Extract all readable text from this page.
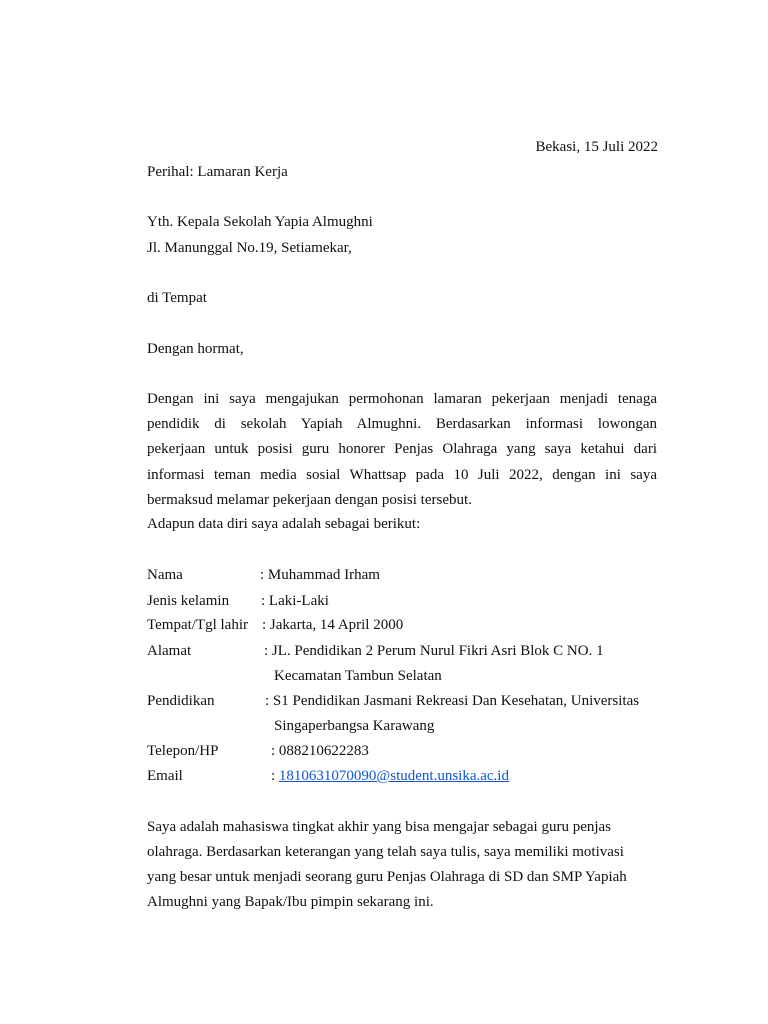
Bekasi, 15 Juli 2022
Perihal: Lamaran Kerja
Yth. Kepala Sekolah Yapia Almughni
Jl. Manunggal No.19, Setiamekar,
di Tempat
Dengan hormat,
Dengan ini saya mengajukan permohonan lamaran pekerjaan menjadi tenaga
pendidik di sekolah Yapiah Almughni. Berdasarkan informasi lowongan
pekerjaan untuk posisi guru honorer Penjas Olahraga yang saya ketahui dari
informasi teman media sosial Whattsap pada 10 Juli 2022, dengan ini saya
bermaksud melamar pekerjaan dengan posisi tersebut.
Adapun data diri saya adalah sebagai berikut:
Nama	: Muhammad Irham
Jenis kelamin : Laki-Laki
Tempat/Tgl lahir : Jakarta, 14 April 2000
Alamat	: JL. Pendidikan 2 Perum Nurul Fikri Asri Blok C NO. 1
Kecamatan Tambun Selatan
Pendidikan	: S1 Pendidikan Jasmani Rekreasi Dan Kesehatan, Universitas
Singaperbangsa Karawang
Telepon/HP	: 088210622283
Email	: 1810631070090@student.unsika.ac.id
Saya adalah mahasiswa tingkat akhir yang bisa mengajar sebagai guru penjas
olahraga. Berdasarkan keterangan yang telah saya tulis, saya memiliki motivasi
yang besar untuk menjadi seorang guru Penjas Olahraga di SD dan SMP Yapiah
Almughni yang Bapak/Ibu pimpin sekarang ini.
